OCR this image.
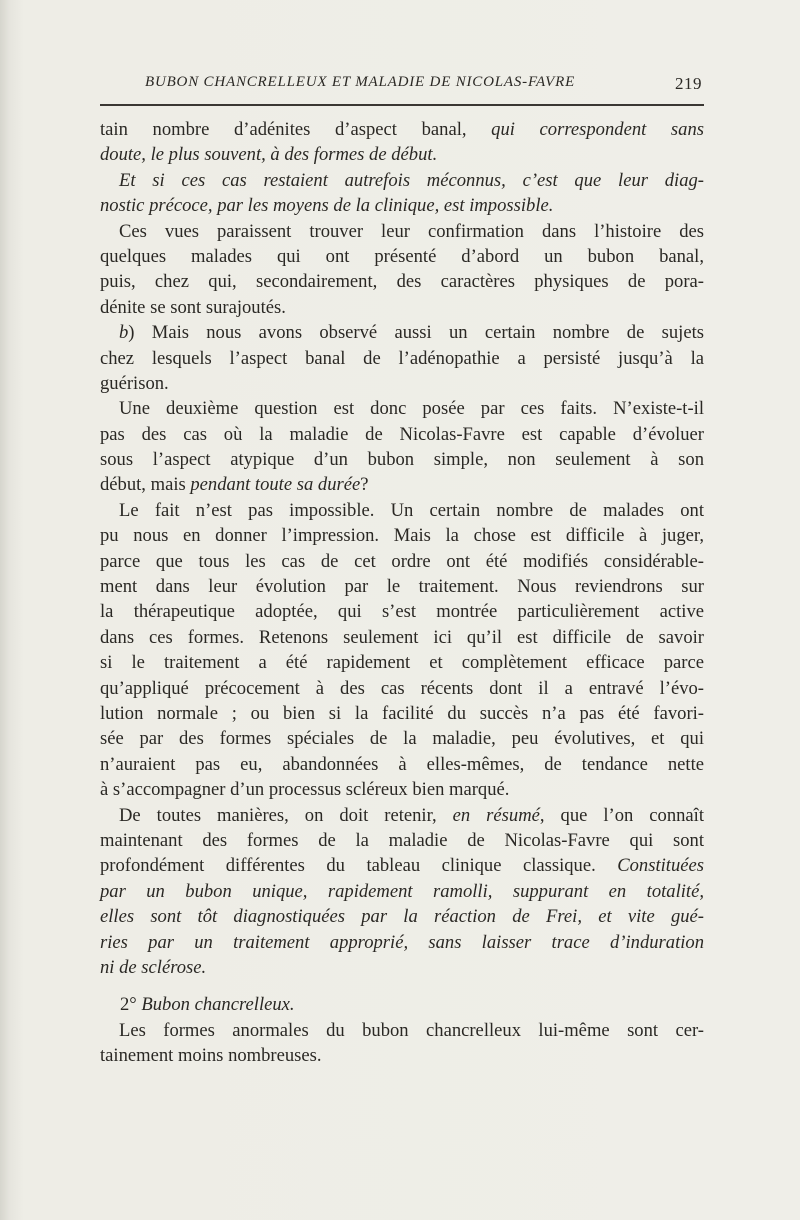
BUBON CHANCRELLEUX ET MALADIE DE NICOLAS-FAVRE	219
tain nombre d’adénites d’aspect banal, qui correspondent sans
doute, le plus souvent, à des formes de début.
Et si ces cas restaient autrefois méconnus, c’est que leur diag-
nostic précoce, par les moyens de la clinique, est impossible.
Ces vues paraissent trouver leur confirmation dans l’histoire des
quelques malades qui ont présenté d’abord un bubon banal,
puis, chez qui, secondairement, des caractères physiques de pora-
dénite se sont surajoutés.
b) Mais nous avons observé aussi un certain nombre de sujets
chez lesquels l’aspect banal de l’adénopathie a persisté jusqu’à la
guérison.
Une deuxième question est donc posée par ces faits. N’existe-t-il
pas des cas où la maladie de Nicolas-Favre est capable d’évoluer
sous l’aspect atypique d’un bubon simple, non seulement à son
début, mais pendant toute sa durée?
Le fait n’est pas impossible. Un certain nombre de malades ont
pu nous en donner l’impression. Mais la chose est difficile à juger,
parce que tous les cas de cet ordre ont été modifiés considérable-
ment dans leur évolution par le traitement. Nous reviendrons sur
la thérapeutique adoptée, qui s’est montrée particulièrement active
dans ces formes. Retenons seulement ici qu’il est difficile de savoir
si le traitement a été rapidement et complètement efficace parce
qu’appliqué précocement à des cas récents dont il a entravé l’évo-
lution normale ; ou bien si la facilité du succès n’a pas été favori-
sée par des formes spéciales de la maladie, peu évolutives, et qui
n’auraient pas eu, abandonnées à elles-mêmes, de tendance nette
à s’accompagner d’un processus scléreux bien marqué.
De toutes manières, on doit retenir, en résumé, que l’on connaît
maintenant des formes de la maladie de Nicolas-Favre qui sont
profondément différentes du tableau clinique classique. Constituées
par un bubon unique, rapidement ramolli, suppurant en totalité,
elles sont tôt diagnostiquées par la réaction de Frei, et vite gué-
ries par un traitement approprié, sans laisser trace d’induration
ni de sclérose.
2° Bubon chancrelleux.
Les formes anormales du bubon chancrelleux lui-même sont cer-
tainement moins nombreuses.
